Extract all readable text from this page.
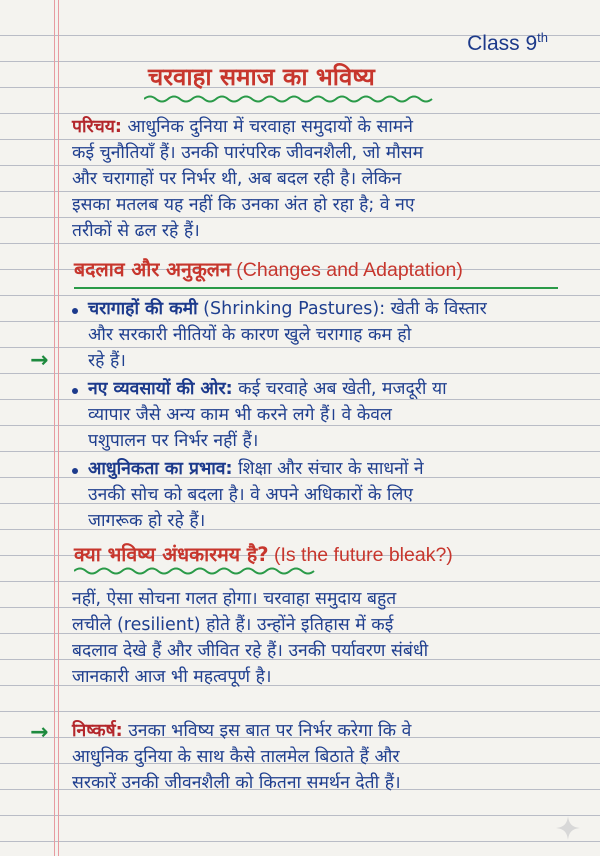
Class 9th
चरवाहा समाज का भविष्य
परिचय: आधुनिक दुनिया में चरवाहा समुदायों के सामने
कई चुनौतियाँ हैं। उनकी पारंपरिक जीवनशैली, जो मौसम
और चरागाहों पर निर्भर थी, अब बदल रही है। लेकिन
इसका मतलब यह नहीं कि उनका अंत हो रहा है; वे नए
तरीकों से ढल रहे हैं।
बदलाव और अनुकूलन (Changes and Adaptation)
चरागाहों की कमी (Shrinking Pastures): खेती के विस्तार
और सरकारी नीतियों के कारण खुले चरागाह कम हो
रहे हैं।
→
नए व्यवसायों की ओर: कई चरवाहे अब खेती, मजदूरी या
व्यापार जैसे अन्य काम भी करने लगे हैं। वे केवल
पशुपालन पर निर्भर नहीं हैं।
आधुनिकता का प्रभाव: शिक्षा और संचार के साधनों ने
उनकी सोच को बदला है। वे अपने अधिकारों के लिए
जागरूक हो रहे हैं।
क्या भविष्य अंधकारमय है? (Is the future bleak?)
नहीं, ऐसा सोचना गलत होगा। चरवाहा समुदाय बहुत
लचीले (resilient) होते हैं। उन्होंने इतिहास में कई
बदलाव देखे हैं और जीवित रहे हैं। उनकी पर्यावरण संबंधी
जानकारी आज भी महत्वपूर्ण है।
→ निष्कर्ष: उनका भविष्य इस बात पर निर्भर करेगा कि वे
आधुनिक दुनिया के साथ कैसे तालमेल बिठाते हैं और
सरकारें उनकी जीवनशैली को कितना समर्थन देती हैं।
